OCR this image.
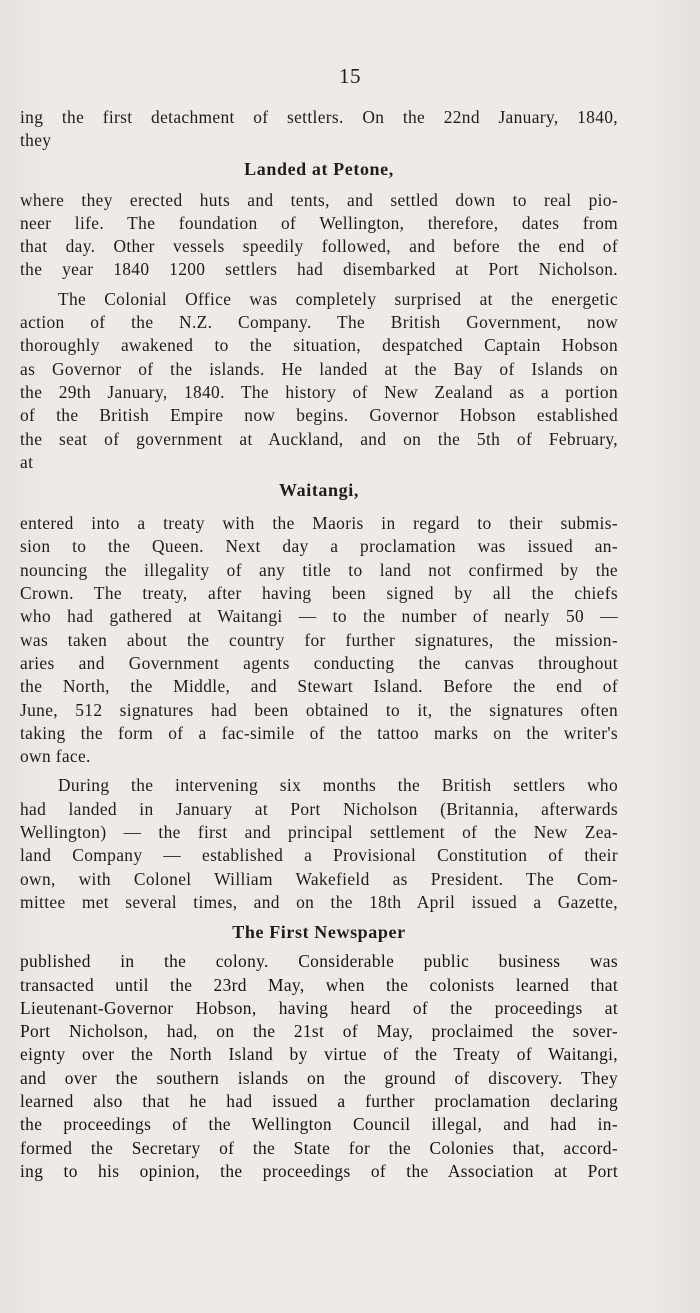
15

ing the first detachment of settlers. On the 22nd January, 1840,
they

Landed at Petone,

where they erected huts and tents, and settled down to real pio-
neer life. The foundation of Wellington, therefore, dates from
that day. Other vessels speedily followed, and before the end of
the year 1840 1200 settlers had disembarked at Port Nicholson.

The Colonial Office was completely surprised at the energetic
action of the N.Z. Company. The British Government, now
thoroughly awakened to the situation, despatched Captain Hobson
as Governor of the islands. He landed at the Bay of Islands on
the 29th January, 1840. The history of New Zealand as a portion
of the British Empire now begins. Governor Hobson established
the seat of government at Auckland, and on the 5th of February,
at

Waitangi,

entered into a treaty with the Maoris in regard to their submis-
sion to the Queen. Next day a proclamation was issued an-
nouncing the illegality of any title to land not confirmed by the
Crown. The treaty, after having been signed by all the chiefs
who had gathered at Waitangi — to the number of nearly 50 —
was taken about the country for further signatures, the mission-
aries and Government agents conducting the canvas throughout
the North, the Middle, and Stewart Island. Before the end of
June, 512 signatures had been obtained to it, the signatures often
taking the form of a fac-simile of the tattoo marks on the writer's
own face.

During the intervening six months the British settlers who
had landed in January at Port Nicholson (Britannia, afterwards
Wellington) — the first and principal settlement of the New Zea-
land Company — established a Provisional Constitution of their
own, with Colonel William Wakefield as President. The Com-
mittee met several times, and on the 18th April issued a Gazette,

The First Newspaper

published in the colony. Considerable public business was
transacted until the 23rd May, when the colonists learned that
Lieutenant-Governor Hobson, having heard of the proceedings at
Port Nicholson, had, on the 21st of May, proclaimed the sover-
eignty over the North Island by virtue of the Treaty of Waitangi,
and over the southern islands on the ground of discovery. They
learned also that he had issued a further proclamation declaring
the proceedings of the Wellington Council illegal, and had in-
formed the Secretary of the State for the Colonies that, accord-
ing to his opinion, the proceedings of the Association at Port
